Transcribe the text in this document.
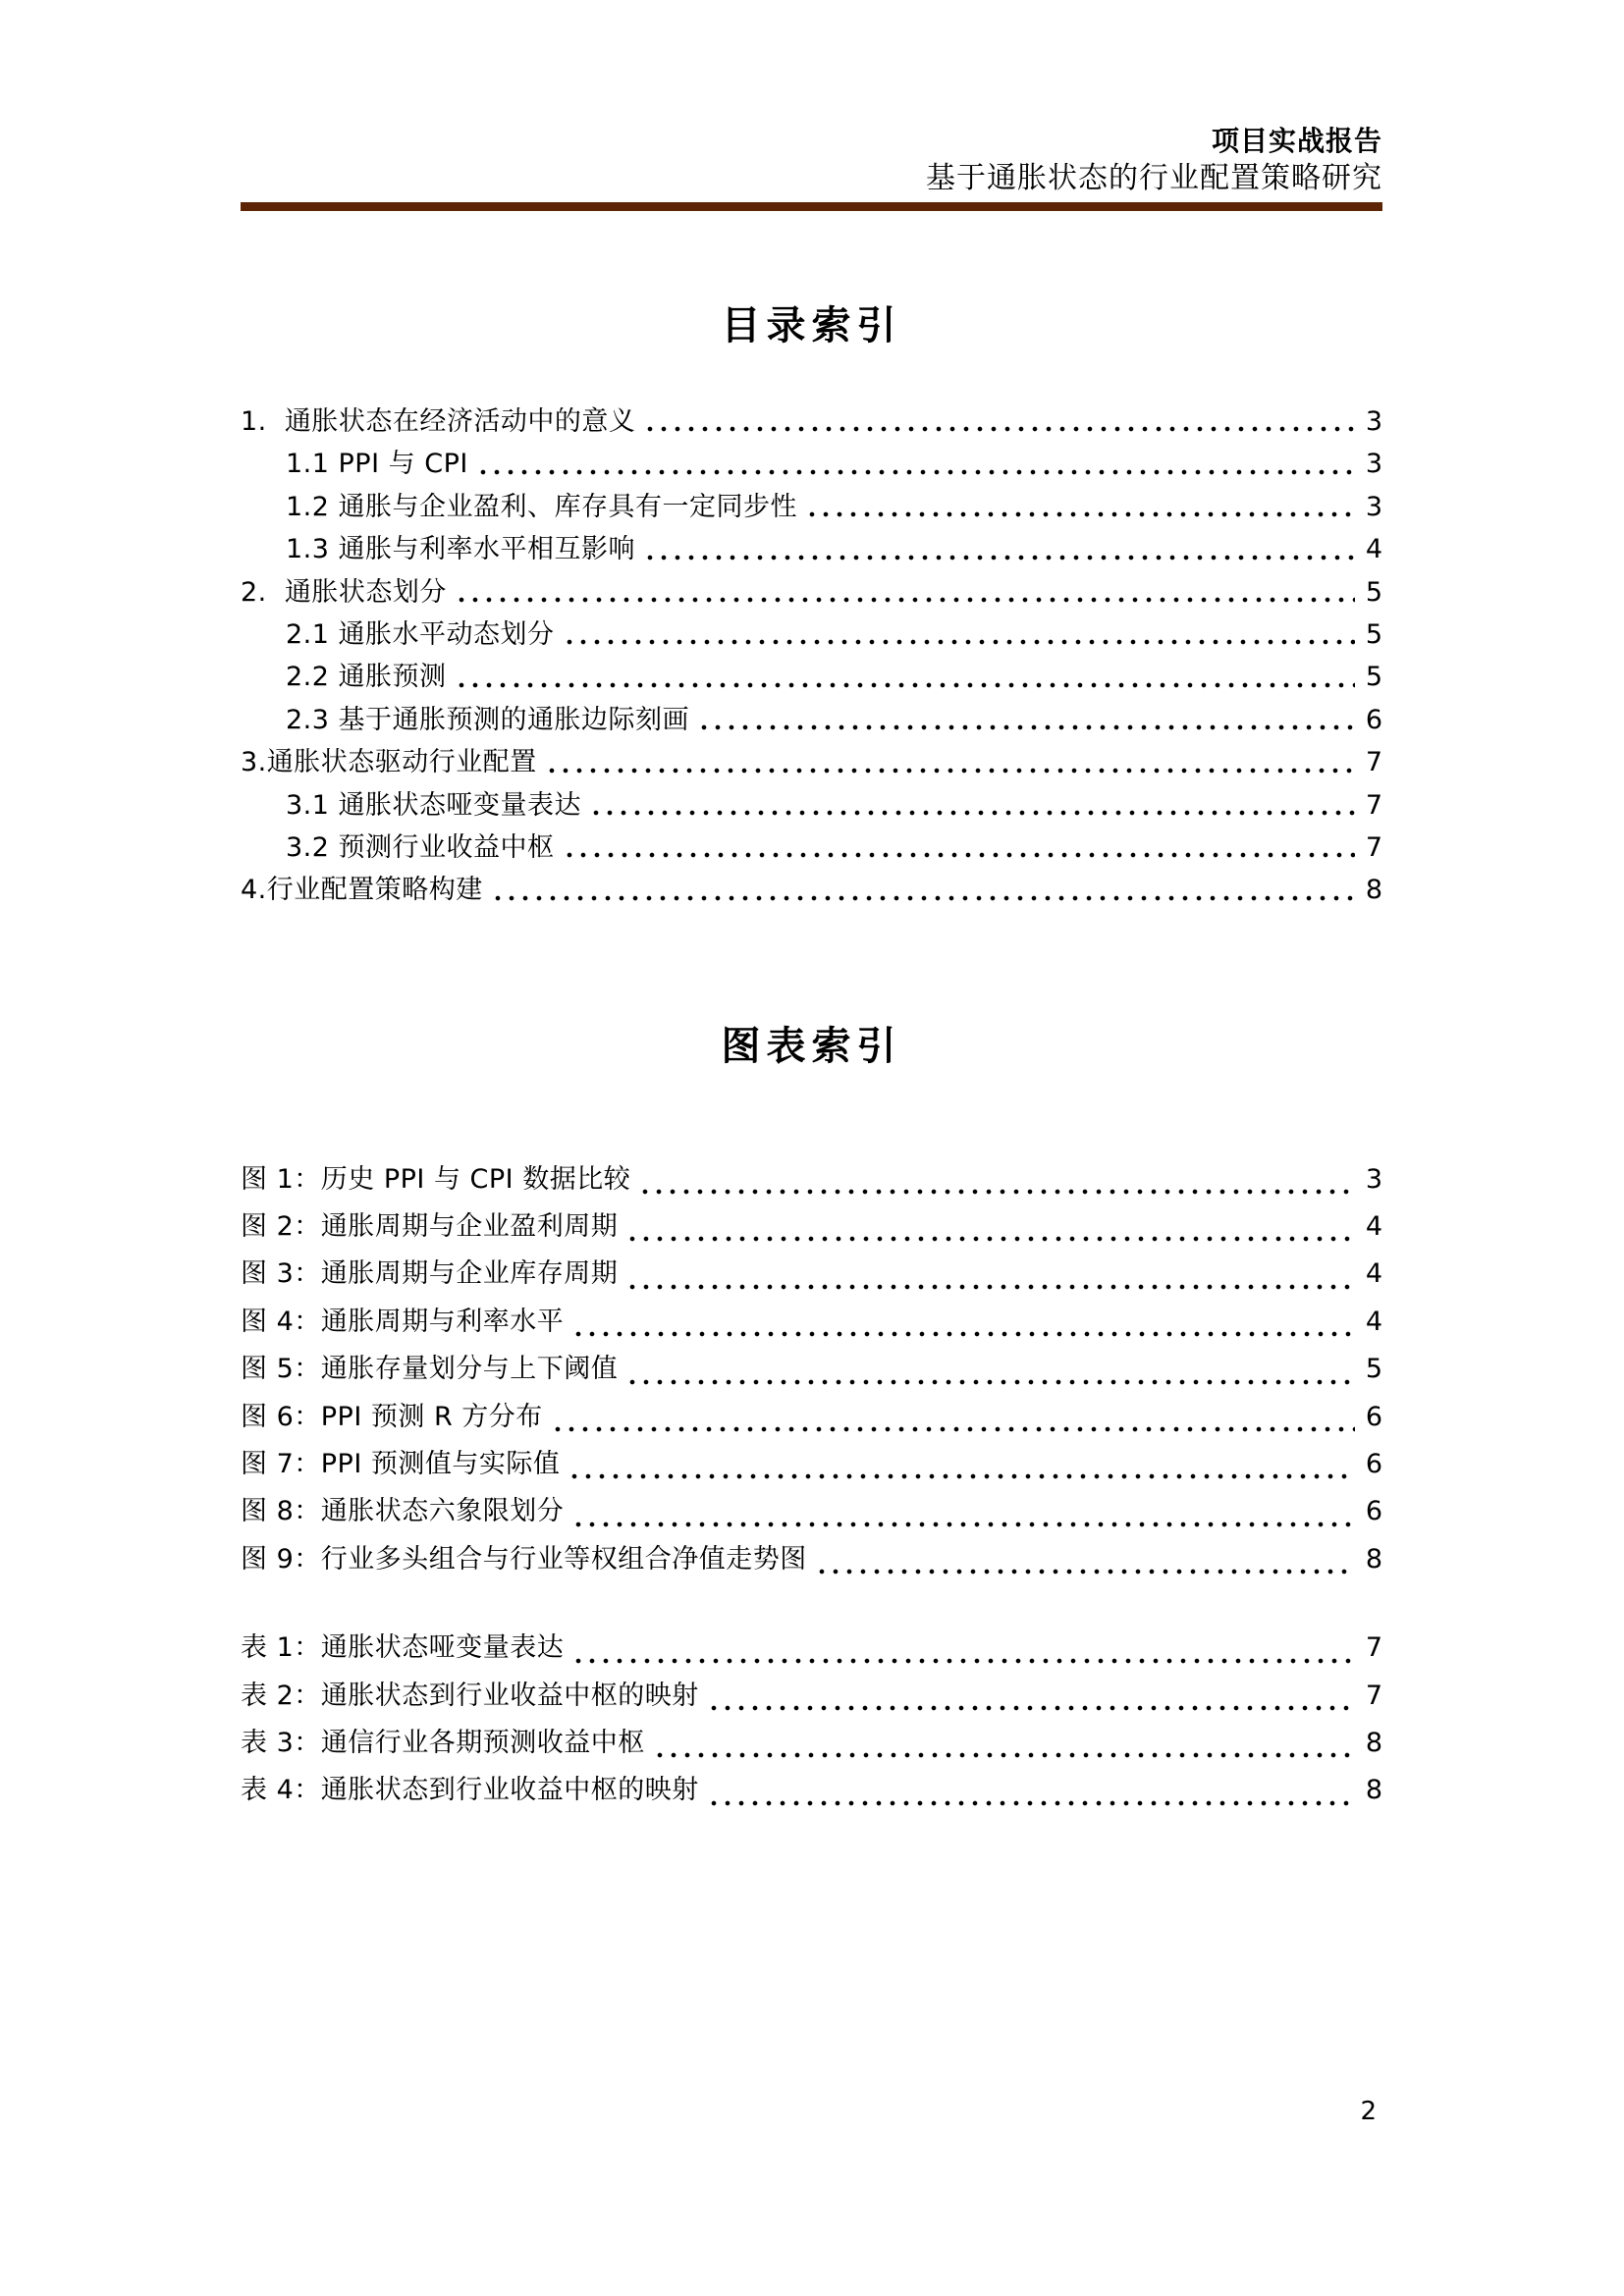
项目实战报告
基于通胀状态的行业配置策略研究
目录索引
1.  通胀状态在经济活动中的意义	3
1.1 PPI 与 CPI	3
1.2 通胀与企业盈利、库存具有一定同步性	3
1.3 通胀与利率水平相互影响	4
2.  通胀状态划分	5
2.1 通胀水平动态划分	5
2.2 通胀预测	5
2.3 基于通胀预测的通胀边际刻画	6
3.通胀状态驱动行业配置	7
3.1 通胀状态哑变量表达	7
3.2 预测行业收益中枢	7
4.行业配置策略构建	8
图表索引
图 1：历史 PPI 与 CPI 数据比较	3
图 2：通胀周期与企业盈利周期	4
图 3：通胀周期与企业库存周期	4
图 4：通胀周期与利率水平	4
图 5：通胀存量划分与上下阈值	5
图 6：PPI 预测 R 方分布	6
图 7：PPI 预测值与实际值	6
图 8：通胀状态六象限划分	6
图 9：行业多头组合与行业等权组合净值走势图	8
表 1：通胀状态哑变量表达	7
表 2：通胀状态到行业收益中枢的映射	7
表 3：通信行业各期预测收益中枢	8
表 4：通胀状态到行业收益中枢的映射	8
2
